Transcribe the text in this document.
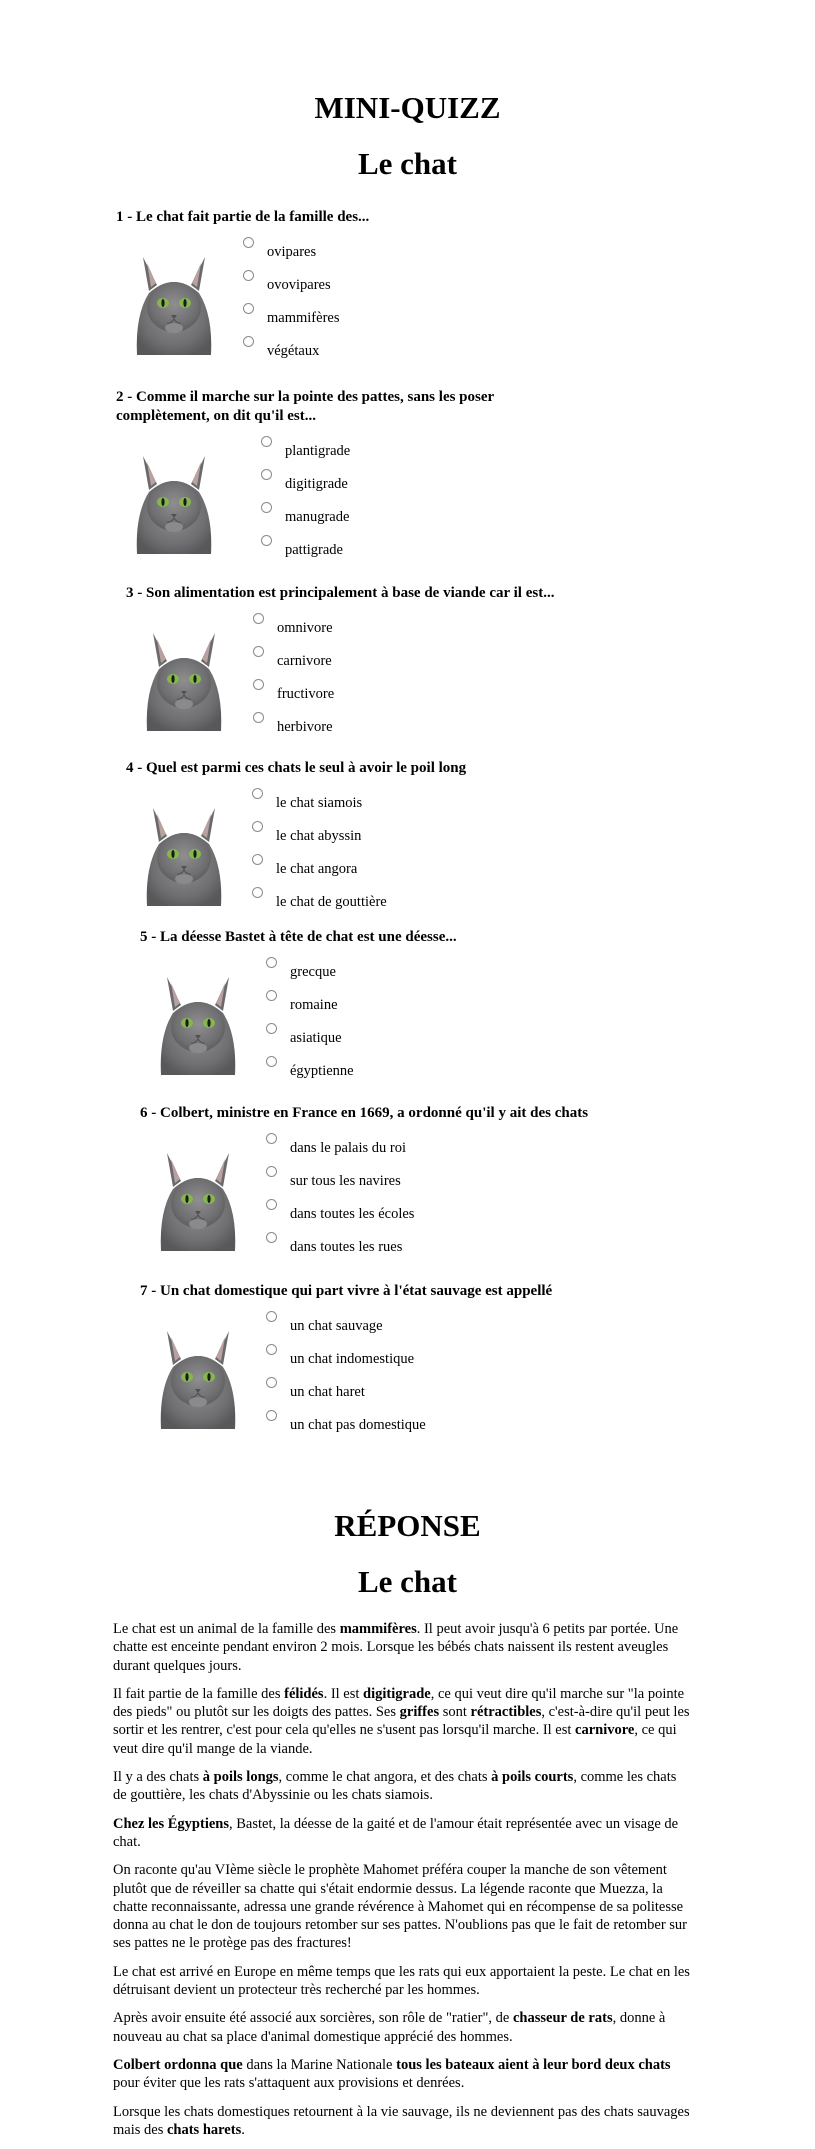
MINI-QUIZZ
Le chat

1 - Le chat fait partie de la famille des...

ovipares
ovovipares
mammifères
végétaux

2 - Comme il marche sur la pointe des pattes, sans les poser complètement, on dit qu'il est...

plantigrade
digitigrade
manugrade
pattigrade

3 - Son alimentation est principalement à base de viande car il est...

omnivore
carnivore
fructivore
herbivore

4 - Quel est parmi ces chats le seul à avoir le poil long

le chat siamois
le chat abyssin
le chat angora
le chat de gouttière

5 - La déesse Bastet à tête de chat est une déesse...

grecque
romaine
asiatique
égyptienne

6 - Colbert, ministre en France en 1669, a ordonné qu'il y ait des chats

dans le palais du roi
sur tous les navires
dans toutes les écoles
dans toutes les rues

7 - Un chat domestique qui part vivre à l'état sauvage est appellé

un chat sauvage
un chat indomestique
un chat haret
un chat pas domestique
RÉPONSE
Le chat

Le chat est un animal de la famille des mammifères. Il peut avoir jusqu'à 6 petits par portée. Une chatte est enceinte pendant environ 2 mois. Lorsque les bébés chats naissent ils restent aveugles durant quelques jours.

Il fait partie de la famille des félidés. Il est digitigrade, ce qui veut dire qu'il marche sur "la pointe des pieds" ou plutôt sur les doigts des pattes. Ses griffes sont rétractibles, c'est-à-dire qu'il peut les sortir et les rentrer, c'est pour cela qu'elles ne s'usent pas lorsqu'il marche. Il est carnivore, ce qui veut dire qu'il mange de la viande.

Il y a des chats à poils longs, comme le chat angora, et des chats à poils courts, comme les chats de gouttière, les chats d'Abyssinie ou les chats siamois.

Chez les Égyptiens, Bastet, la déesse de la gaité et de l'amour était représentée avec un visage de chat.

On raconte qu'au VIème siècle le prophète Mahomet préféra couper la manche de son vêtement plutôt que de réveiller sa chatte qui s'était endormie dessus. La légende raconte que Muezza, la chatte reconnaissante, adressa une grande révérence à Mahomet qui en récompense de sa politesse donna au chat le don de toujours retomber sur ses pattes. N'oublions pas que le fait de retomber sur ses pattes ne le protège pas des fractures!

Le chat est arrivé en Europe en même temps que les rats qui eux apportaient la peste. Le chat en les détruisant devient un protecteur très recherché par les hommes.

Après avoir ensuite été associé aux sorcières, son rôle de "ratier", de chasseur de rats, donne à nouveau au chat sa place d'animal domestique apprécié des hommes.

Colbert ordonna que dans la Marine Nationale tous les bateaux aient à leur bord deux chats pour éviter que les rats s'attaquent aux provisions et denrées.

Lorsque les chats domestiques retournent à la vie sauvage, ils ne deviennent pas des chats sauvages mais des chats harets.
